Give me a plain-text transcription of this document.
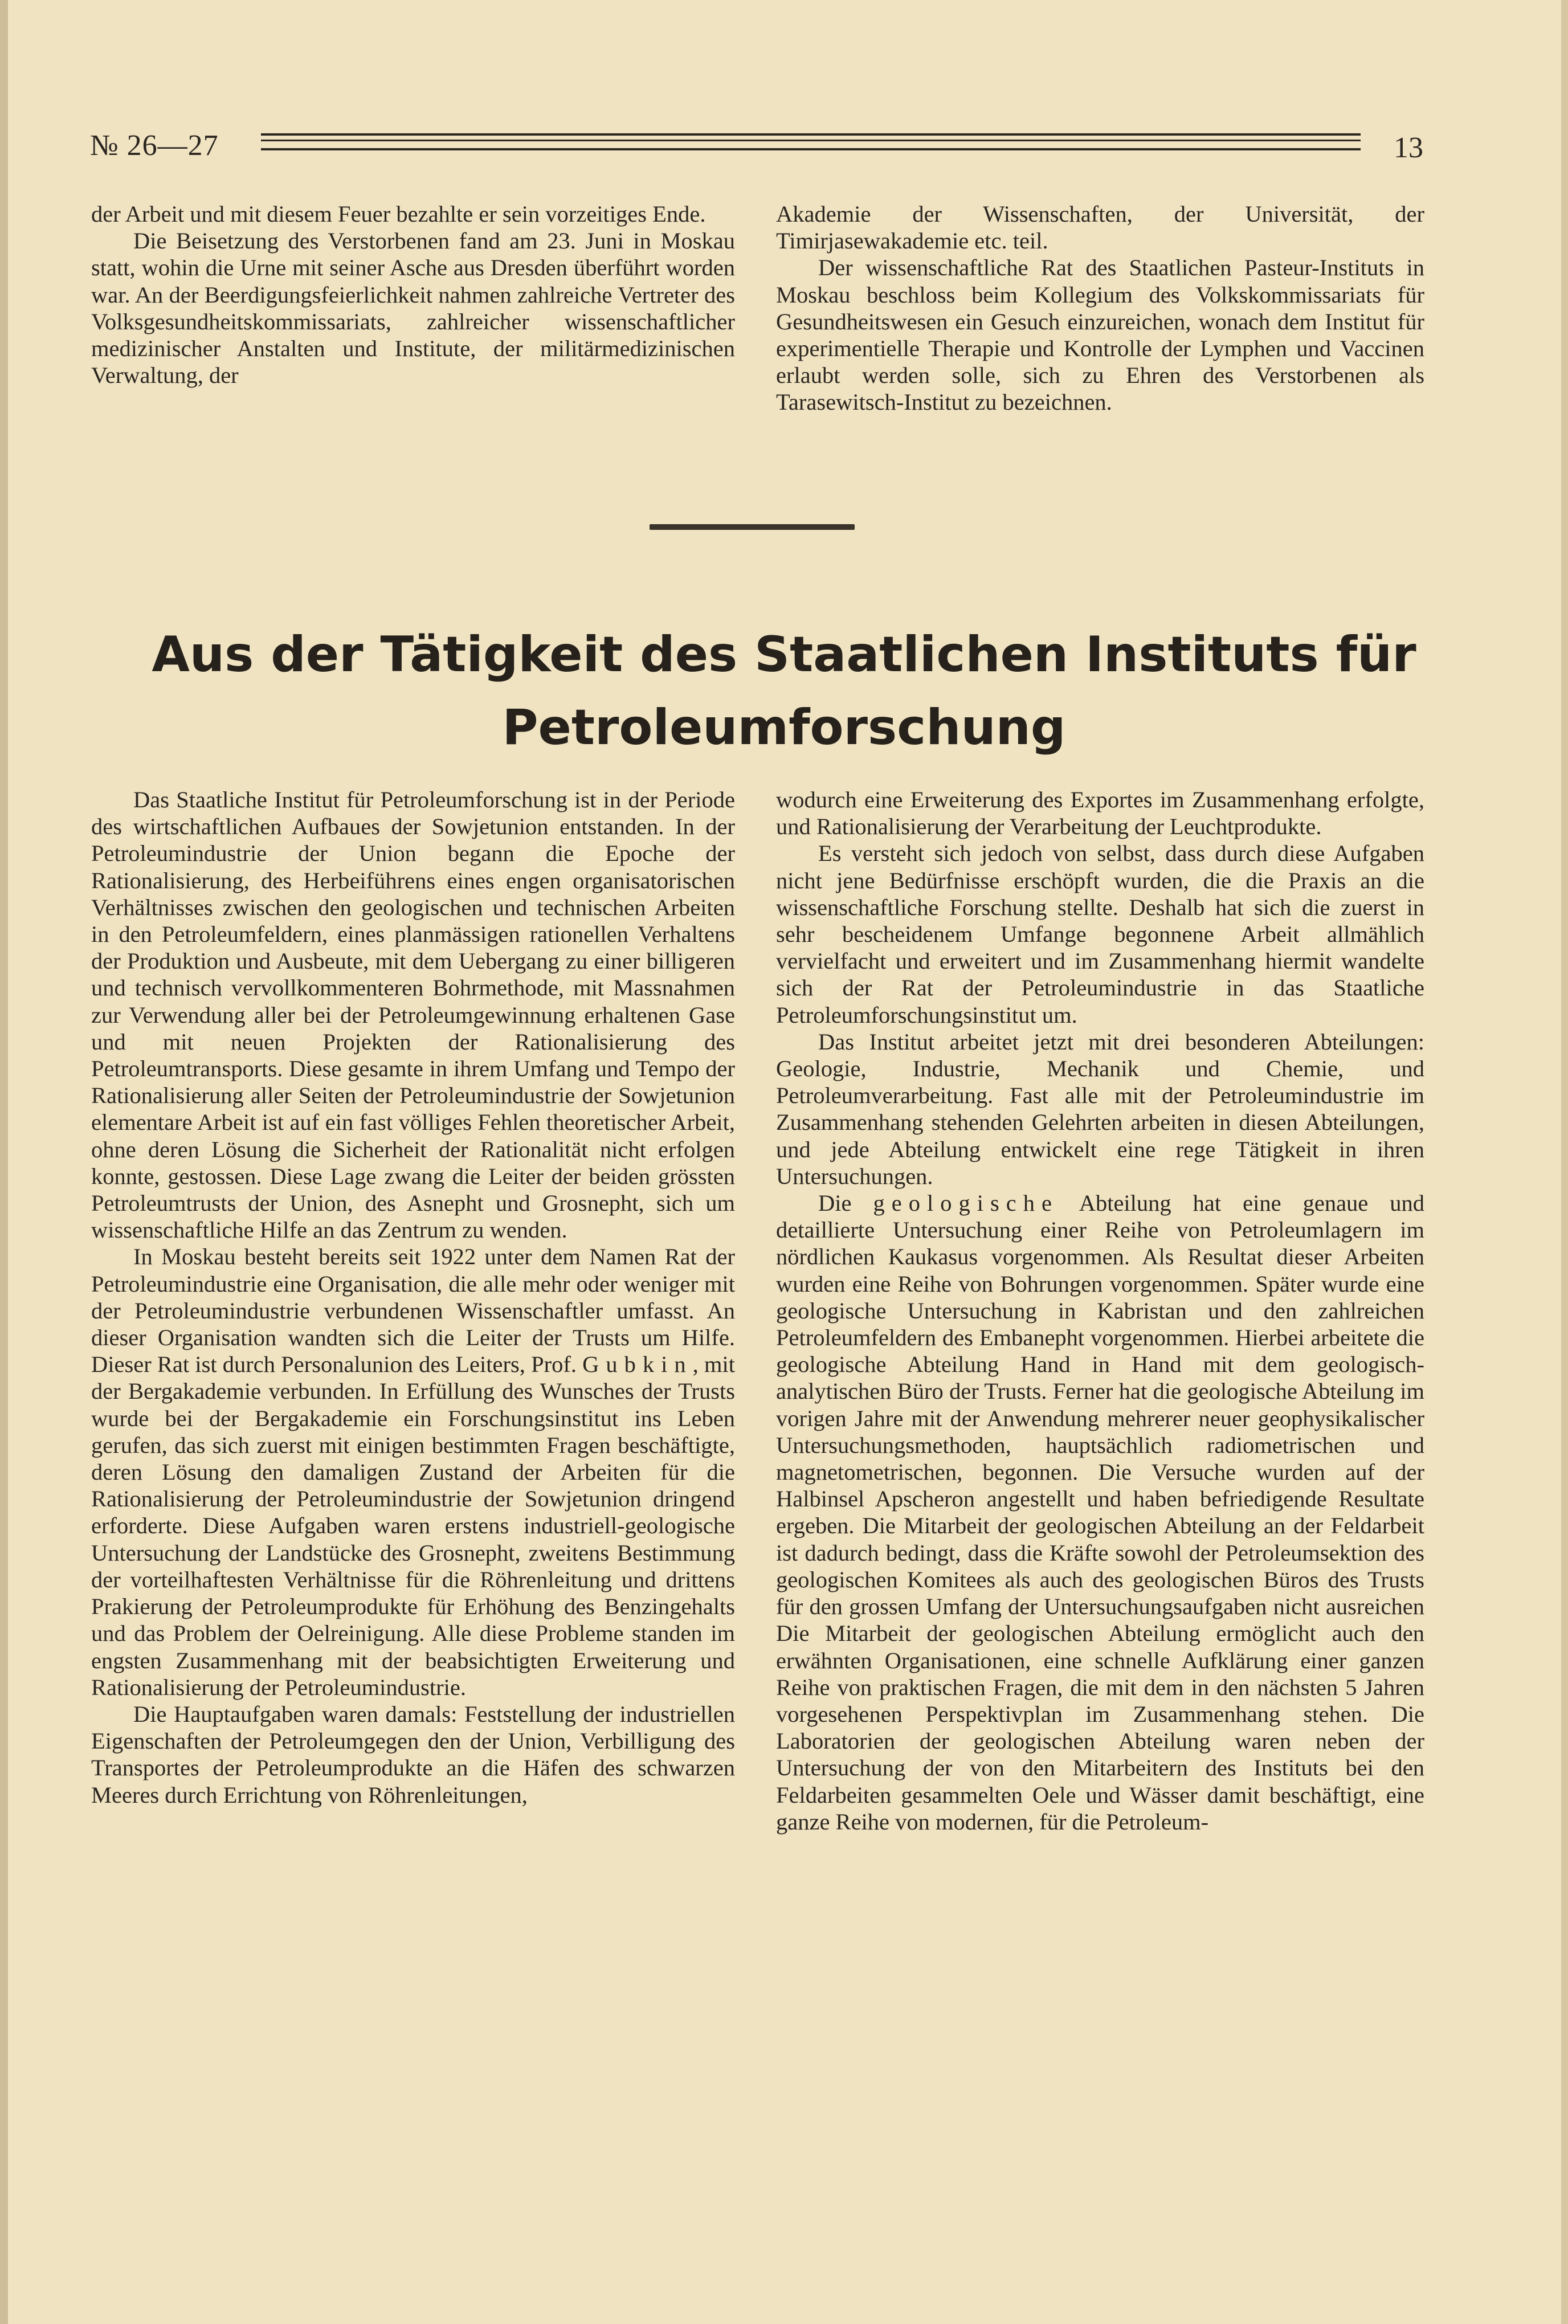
№ 26—27	13

der Arbeit und mit diesem Feuer bezahlte er sein vorzeitiges Ende.

Die Beisetzung des Verstorbenen fand am 23. Juni in Moskau statt, wohin die Urne mit seiner Asche aus Dresden überführt worden war. An der Beerdigungsfeierlichkeit nahmen zahlreiche Vertreter des Volksgesundheitskommissariats, zahlreicher wissenschaftlicher medizinischer Anstalten und Institute, der militärmedizinischen Verwaltung, der

Akademie der Wissenschaften, der Universität, der Timirjasewakademie etc. teil.

Der wissenschaftliche Rat des Staatlichen Pasteur-Instituts in Moskau beschloss beim Kollegium des Volkskommissariats für Gesundheitswesen ein Gesuch einzureichen, wonach dem Institut für experimentielle Therapie und Kontrolle der Lymphen und Vaccinen erlaubt werden solle, sich zu Ehren des Verstorbenen als Tarasewitsch-Institut zu bezeichnen.

Aus der Tätigkeit des Staatlichen Instituts für
Petroleumforschung

Das Staatliche Institut für Petroleumforschung ist in der Periode des wirtschaftlichen Aufbaues der Sowjetunion entstanden. In der Petroleumindustrie der Union begann die Epoche der Rationalisierung, des Herbeiführens eines engen organisatorischen Verhältnisses zwischen den geologischen und technischen Arbeiten in den Petroleumfeldern, eines planmässigen rationellen Verhaltens der Produktion und Ausbeute, mit dem Uebergang zu einer billigeren und technisch vervollkommenteren Bohrmethode, mit Massnahmen zur Verwendung aller bei der Petroleumgewinnung erhaltenen Gase und mit neuen Projekten der Rationalisierung des Petroleumtransports. Diese gesamte in ihrem Umfang und Tempo der Rationalisierung aller Seiten der Petroleumindustrie der Sowjetunion elementare Arbeit ist auf ein fast völliges Fehlen theoretischer Arbeit, ohne deren Lösung die Sicherheit der Rationalität nicht erfolgen konnte, gestossen. Diese Lage zwang die Leiter der beiden grössten Petroleumtrusts der Union, des Asnepht und Grosnepht, sich um wissenschaftliche Hilfe an das Zentrum zu wenden.

In Moskau besteht bereits seit 1922 unter dem Namen Rat der Petroleumindustrie eine Organisation, die alle mehr oder weniger mit der Petroleumindustrie verbundenen Wissenschaftler umfasst. An dieser Organisation wandten sich die Leiter der Trusts um Hilfe. Dieser Rat ist durch Personalunion des Leiters, Prof. Gubkin, mit der Bergakademie verbunden. In Erfüllung des Wunsches der Trusts wurde bei der Bergakademie ein Forschungsinstitut ins Leben gerufen, das sich zuerst mit einigen bestimmten Fragen beschäftigte, deren Lösung den damaligen Zustand der Arbeiten für die Rationalisierung der Petroleumindustrie der Sowjetunion dringend erforderte. Diese Aufgaben waren erstens industriell-geologische Untersuchung der Landstücke des Grosnepht, zweitens Bestimmung der vorteilhaftesten Verhältnisse für die Röhrenleitung und drittens Prakierung der Petroleumprodukte für Erhöhung des Benzingehalts und das Problem der Oelreinigung. Alle diese Probleme standen im engsten Zusammenhang mit der beabsichtigten Erweiterung und Rationalisierung der Petroleumindustrie.

Die Hauptaufgaben waren damals: Feststellung der industriellen Eigenschaften der Petroleumgegen den der Union, Verbilligung des Transportes der Petroleumprodukte an die Häfen des schwarzen Meeres durch Errichtung von Röhrenleitungen,

wodurch eine Erweiterung des Exportes im Zusammenhang erfolgte, und Rationalisierung der Verarbeitung der Leuchtprodukte.

Es versteht sich jedoch von selbst, dass durch diese Aufgaben nicht jene Bedürfnisse erschöpft wurden, die die Praxis an die wissenschaftliche Forschung stellte. Deshalb hat sich die zuerst in sehr bescheidenem Umfange begonnene Arbeit allmählich vervielfacht und erweitert und im Zusammenhang hiermit wandelte sich der Rat der Petroleumindustrie in das Staatliche Petroleumforschungsinstitut um.

Das Institut arbeitet jetzt mit drei besonderen Abteilungen: Geologie, Industrie, Mechanik und Chemie, und Petroleumverarbeitung. Fast alle mit der Petroleumindustrie im Zusammenhang stehenden Gelehrten arbeiten in diesen Abteilungen, und jede Abteilung entwickelt eine rege Tätigkeit in ihren Untersuchungen.

Die geologische Abteilung hat eine genaue und detaillierte Untersuchung einer Reihe von Petroleumlagern im nördlichen Kaukasus vorgenommen. Als Resultat dieser Arbeiten wurden eine Reihe von Bohrungen vorgenommen. Später wurde eine geologische Untersuchung in Kabristan und den zahlreichen Petroleumfeldern des Embanepht vorgenommen. Hierbei arbeitete die geologische Abteilung Hand in Hand mit dem geologisch-analytischen Büro der Trusts. Ferner hat die geologische Abteilung im vorigen Jahre mit der Anwendung mehrerer neuer geophysikalischer Untersuchungsmethoden, hauptsächlich radiometrischen und magnetometrischen, begonnen. Die Versuche wurden auf der Halbinsel Apscheron angestellt und haben befriedigende Resultate ergeben. Die Mitarbeit der geologischen Abteilung an der Feldarbeit ist dadurch bedingt, dass die Kräfte sowohl der Petroleumsektion des geologischen Komitees als auch des geologischen Büros des Trusts für den grossen Umfang der Untersuchungsaufgaben nicht ausreichen Die Mitarbeit der geologischen Abteilung ermöglicht auch den erwähnten Organisationen, eine schnelle Aufklärung einer ganzen Reihe von praktischen Fragen, die mit dem in den nächsten 5 Jahren vorgesehenen Perspektivplan im Zusammenhang stehen. Die Laboratorien der geologischen Abteilung waren neben der Untersuchung der von den Mitarbeitern des Instituts bei den Feldarbeiten gesammelten Oele und Wässer damit beschäftigt, eine ganze Reihe von modernen, für die Petroleum-
